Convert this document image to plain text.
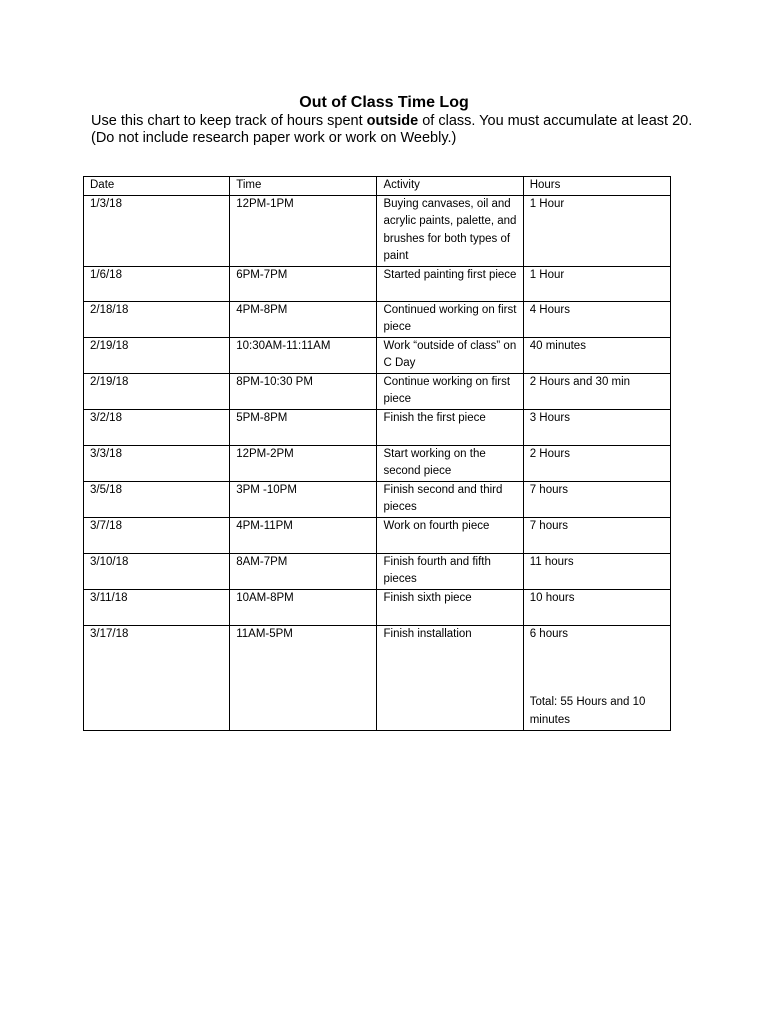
Out of Class Time Log

Use this chart to keep track of hours spent outside of class. You must accumulate at least 20.
(Do not include research paper work or work on Weebly.)

Date	Time	Activity	Hours
1/3/18	12PM-1PM	Buying canvases, oil and acrylic paints, palette, and brushes for both types of paint	1 Hour
1/6/18	6PM-7PM	Started painting first piece	1 Hour
2/18/18	4PM-8PM	Continued working on first piece	4 Hours
2/19/18	10:30AM-11:11AM	Work “outside of class” on C Day	40 minutes
2/19/18	8PM-10:30 PM	Continue working on first piece	2 Hours and 30 min
3/2/18	5PM-8PM	Finish the first piece	3 Hours
3/3/18	12PM-2PM	Start working on the second piece	2 Hours
3/5/18	3PM -10PM	Finish second and third pieces	7 hours
3/7/18	4PM-11PM	Work on fourth piece	7 hours
3/10/18	8AM-7PM	Finish fourth and fifth pieces	11 hours
3/11/18	10AM-8PM	Finish sixth piece	10 hours
3/17/18	11AM-5PM	Finish installation	6 hours
Total: 55 Hours and 10 minutes
